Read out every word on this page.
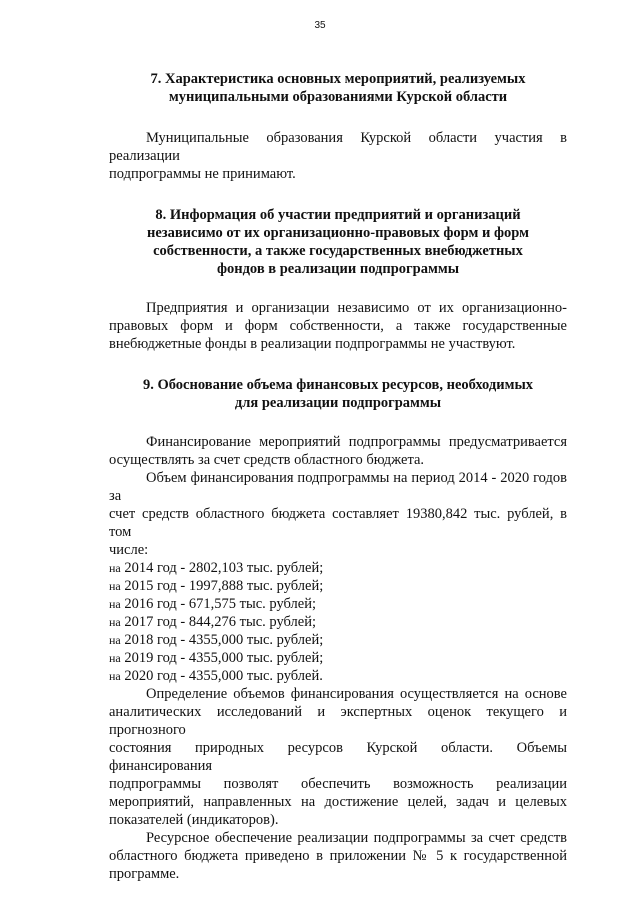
35
7. Характеристика основных мероприятий, реализуемых
муниципальными образованиями Курской области
Муниципальные образования Курской области участия в реализации
подпрограммы не принимают.
8. Информация об участии предприятий и организаций
независимо от их организационно-правовых форм и форм
собственности, а также государственных внебюджетных
фондов в реализации подпрограммы
Предприятия и организации независимо от их организационно-
правовых форм и форм собственности, а также государственные
внебюджетные фонды в реализации подпрограммы не участвуют.
9. Обоснование объема финансовых ресурсов, необходимых
для реализации подпрограммы
Финансирование мероприятий подпрограммы предусматривается
осуществлять за счет средств областного бюджета.
Объем финансирования подпрограммы на период 2014 - 2020 годов за
счет средств областного бюджета составляет 19380,842 тыс. рублей, в том
числе:
на 2014 год - 2802,103 тыс. рублей;
на 2015 год - 1997,888 тыс. рублей;
на 2016 год - 671,575 тыс. рублей;
на 2017 год - 844,276 тыс. рублей;
на 2018 год - 4355,000 тыс. рублей;
на 2019 год - 4355,000 тыс. рублей;
на 2020 год - 4355,000 тыс. рублей.
Определение объемов финансирования осуществляется на основе
аналитических исследований и экспертных оценок текущего и прогнозного
состояния природных ресурсов Курской области. Объемы финансирования
подпрограммы позволят обеспечить возможность реализации
мероприятий, направленных на достижение целей, задач и целевых
показателей (индикаторов).
Ресурсное обеспечение реализации подпрограммы за счет средств
областного бюджета приведено в приложении № 5 к государственной
программе.
